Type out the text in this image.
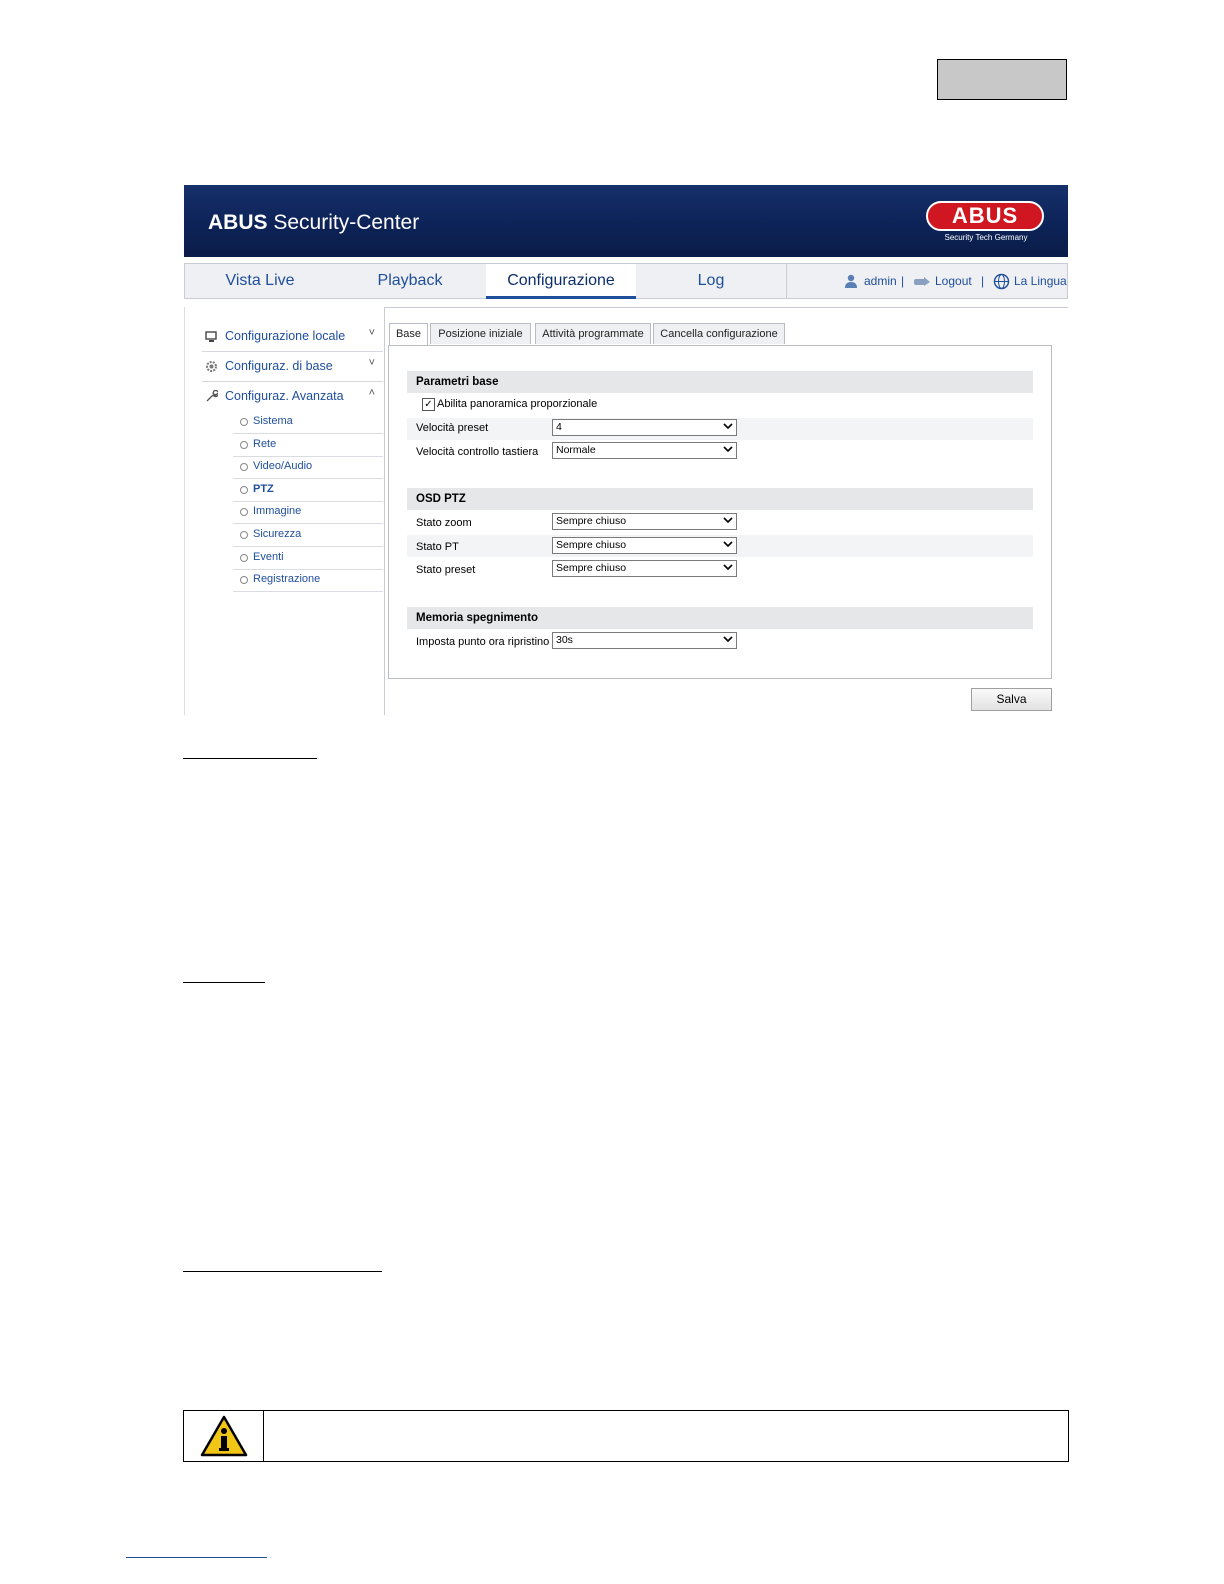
ABUS Security-Center	ABUS
Security Tech Germany
Vista Live	Playback	Configurazione	Log	admin |	Logout | La Lingua
Configurazione locale ˅
Configuraz. di base	˅
Configuraz. Avanzata ˄
Sistema
Rete
Video/Audio
PTZ
Immagine
Sicurezza
Eventi
Registrazione
Base	Posizione iniziale	Attività programmate	Cancella configurazione
Parametri base
✓ Abilita panoramica proporzionale
Velocità preset	4
Velocità controllo tastiera	Normale
OSD PTZ
Stato zoom	Sempre chiuso
Stato PT	Sempre chiuso
Stato preset	Sempre chiuso
Memoria spegnimento
Imposta punto ora ripristino 30s
Salva
